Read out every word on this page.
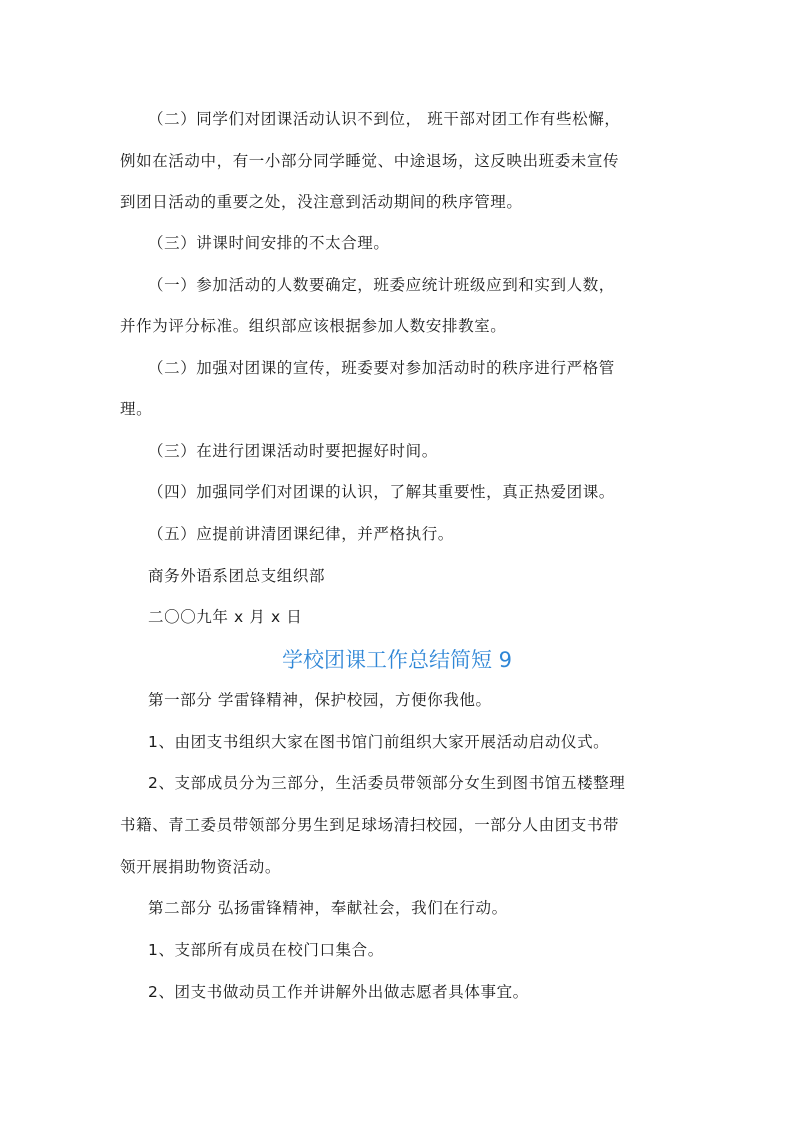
（二）同学们对团课活动认识不到位， 班干部对团工作有些松懈，
例如在活动中，有一小部分同学睡觉、中途退场，这反映出班委未宣传
到团日活动的重要之处，没注意到活动期间的秩序管理。
（三）讲课时间安排的不太合理。
（一）参加活动的人数要确定，班委应统计班级应到和实到人数，
并作为评分标准。组织部应该根据参加人数安排教室。
（二）加强对团课的宣传，班委要对参加活动时的秩序进行严格管
理。
（三）在进行团课活动时要把握好时间。
（四）加强同学们对团课的认识，了解其重要性，真正热爱团课。
（五）应提前讲清团课纪律，并严格执行。
商务外语系团总支组织部
二〇〇九年 x 月 x 日
学校团课工作总结简短 9
第一部分 学雷锋精神，保护校园，方便你我他。
1、由团支书组织大家在图书馆门前组织大家开展活动启动仪式。
2、支部成员分为三部分，生活委员带领部分女生到图书馆五楼整理
书籍、青工委员带领部分男生到足球场清扫校园，一部分人由团支书带
领开展捐助物资活动。
第二部分 弘扬雷锋精神，奉献社会，我们在行动。
1、支部所有成员在校门口集合。
2、团支书做动员工作并讲解外出做志愿者具体事宜。
